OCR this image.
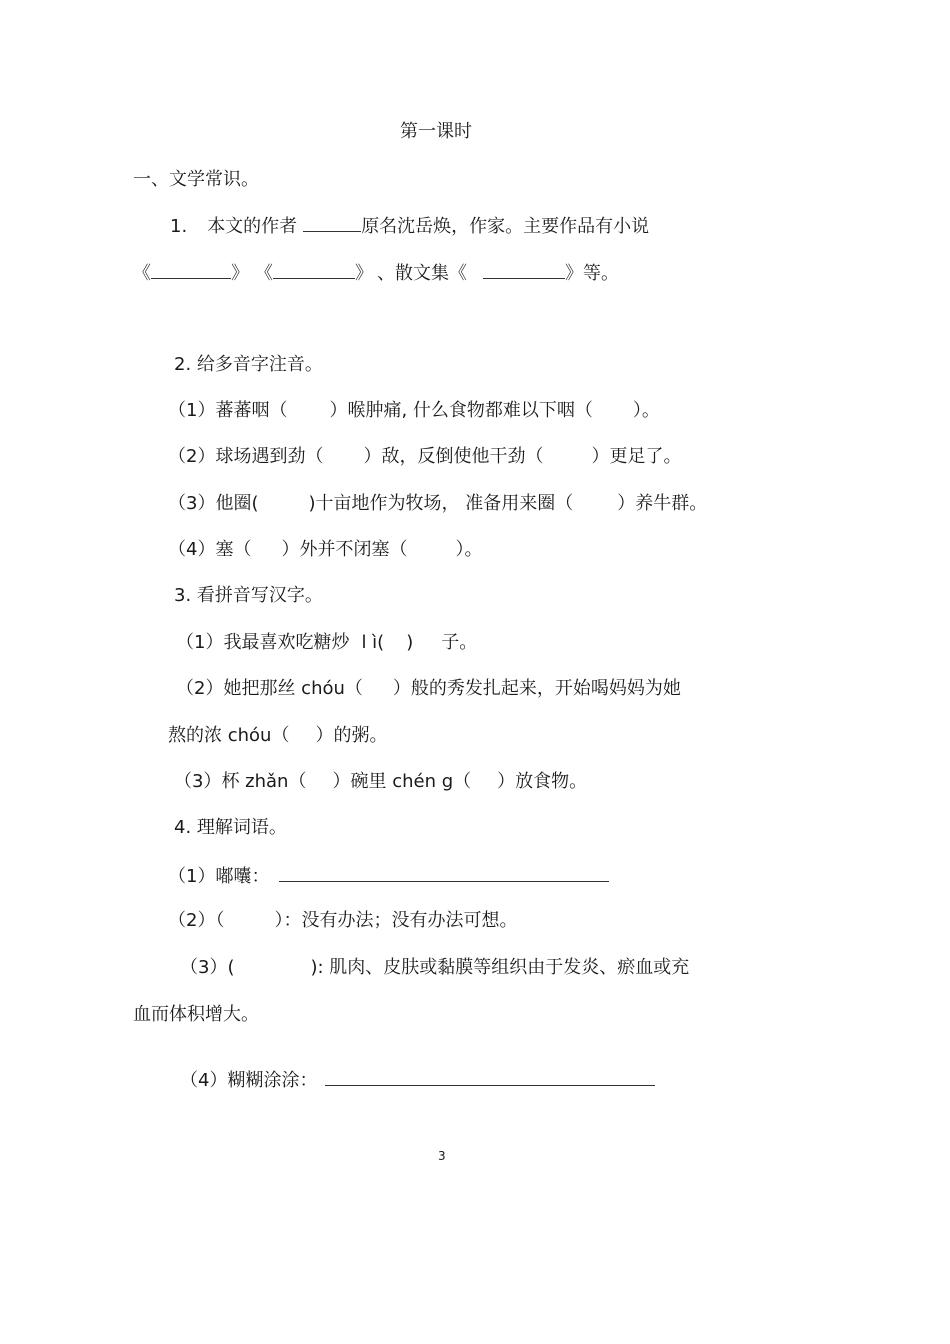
第一课时
一、文学常识。
1. 本文的作者	原名沈岳焕，作家。主要作品有小说
《	》 《	》 、散文集《	》等。
2. 给多音字注音。
（1）蕃蕃咽（ ）喉肿痛, 什么食物都难以下咽（ ）。
（2）球场遇到劲（ ）敌，反倒使他干劲（	）更足了。
（3）他圈(	)十亩地作为牧场， 准备用来圈（ ）养牛群。
（4）塞（ ）外并不闭塞（	）。
3. 看拼音写汉字。
（1）我最喜欢吃糖炒 l ì( ) 子。
（2）她把那丝 chóu（ ）般的秀发扎起来，开始喝妈妈为她
熬的浓 chóu（ ）的粥。
（3）杯 zhǎn（ ）碗里 chén g（ ）放食物。
4. 理解词语。
（1）嘟囔：
（2）（	）：没有办法；没有办法可想。
（3）(	): 肌肉、皮肤或黏膜等组织由于发炎、瘀血或充
血而体积增大。
（4）糊糊涂涂：
3
